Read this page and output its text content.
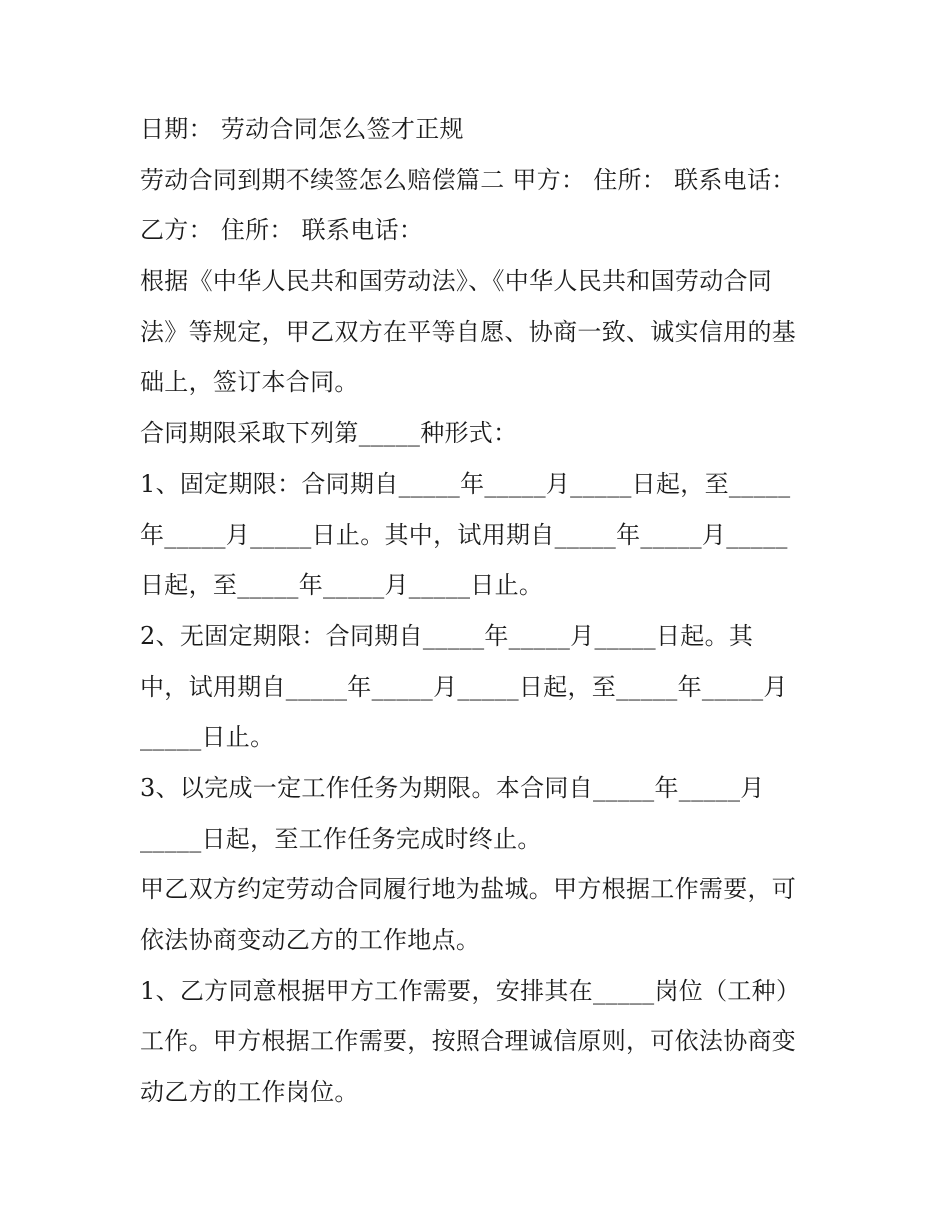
日期： 劳动合同怎么签才正规
劳动合同到期不续签怎么赔偿篇二 甲方： 住所： 联系电话：
乙方： 住所： 联系电话：
根据《中华人民共和国劳动法》、《中华人民共和国劳动合同
法》等规定，甲乙双方在平等自愿、协商一致、诚实信用的基
础上，签订本合同。
合同期限采取下列第_____种形式：
1、固定期限：合同期自_____年_____月_____日起，至_____
年_____月_____日止。其中，试用期自_____年_____月_____
日起，至_____年_____月_____日止。
2、无固定期限：合同期自_____年_____月_____日起。其
中，试用期自_____年_____月_____日起，至_____年_____月
_____日止。
3、以完成一定工作任务为期限。本合同自_____年_____月
_____日起，至工作任务完成时终止。
甲乙双方约定劳动合同履行地为盐城。甲方根据工作需要，可
依法协商变动乙方的工作地点。
1、乙方同意根据甲方工作需要，安排其在_____岗位（工种）
工作。甲方根据工作需要，按照合理诚信原则，可依法协商变
动乙方的工作岗位。
